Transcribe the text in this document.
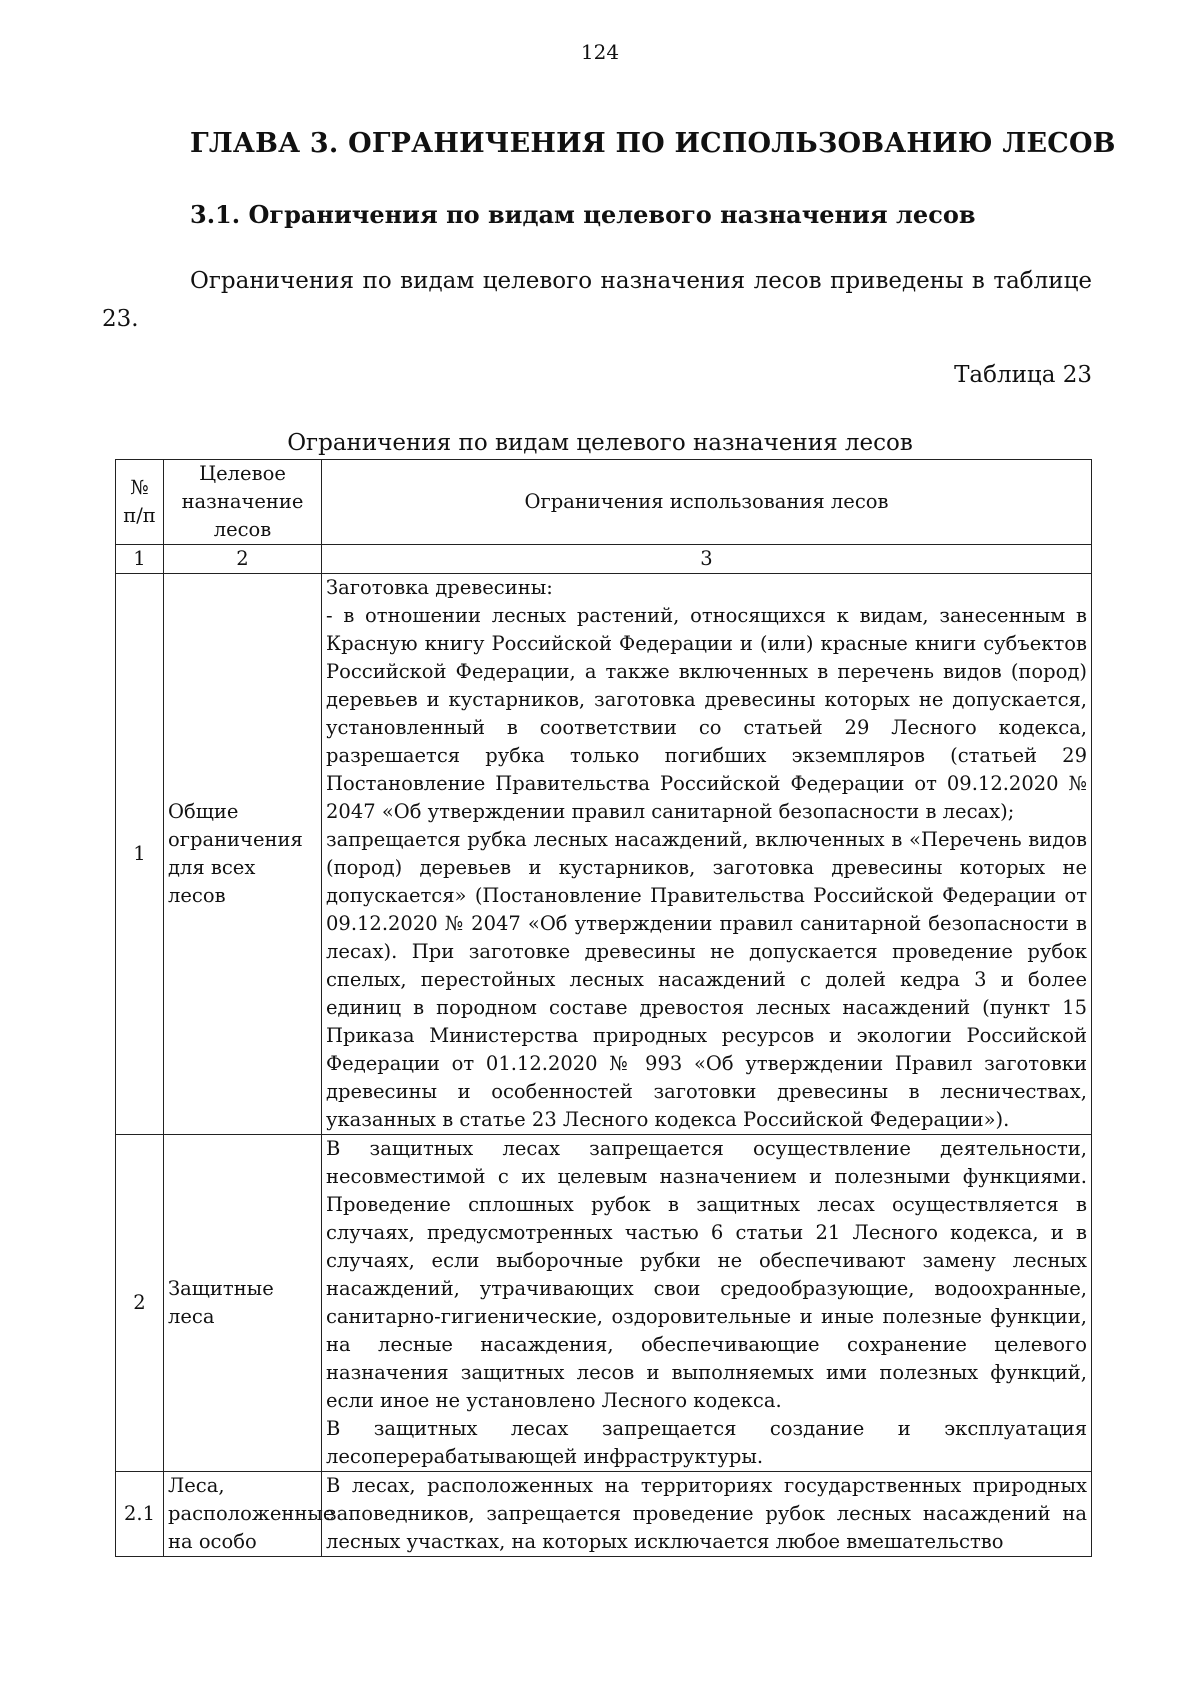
124
ГЛАВА 3. ОГРАНИЧЕНИЯ ПО ИСПОЛЬЗОВАНИЮ ЛЕСОВ
3.1. Ограничения по видам целевого назначения лесов

Ограничения по видам целевого назначения лесов приведены в таблице 23.

Таблица 23

Ограничения по видам целевого назначения лесов

№ п/п	Целевое назначение лесов	Ограничения использования лесов
1	2	3
1	Общие ограничения для всех лесов	Заготовка древесины:

- в отношении лесных растений, относящихся к видам, занесенным в Красную книгу Российской Федерации и (или) красные книги субъектов Российской Федерации, а также включенных в перечень видов (пород) деревьев и кустарников, заготовка древесины которых не допускается, установленный в соответствии со статьей 29 Лесного кодекса, разрешается рубка только погибших экземпляров (статьей 29 Постановление Правительства Российской Федерации от 09.12.2020 № 2047 «Об утверждении правил санитарной безопасности в лесах);

запрещается рубка лесных насаждений, включенных в «Перечень видов (пород) деревьев и кустарников, заготовка древесины которых не допускается» (Постановление Правительства Российской Федерации от 09.12.2020 № 2047 «Об утверждении правил санитарной безопасности в лесах). При заготовке древесины не допускается проведение рубок спелых, перестойных лесных насаждений с долей кедра 3 и более единиц в породном составе древостоя лесных насаждений (пункт 15 Приказа Министерства природных ресурсов и экологии Российской Федерации от 01.12.2020 № 993 «Об утверждении Правил заготовки древесины и особенностей заготовки древесины в лесничествах, указанных в статье 23 Лесного кодекса Российской Федерации»).

2	Защитные леса	В защитных лесах запрещается осуществление деятельности, несовместимой с их целевым назначением и полезными функциями. Проведение сплошных рубок в защитных лесах осуществляется в случаях, предусмотренных частью 6 статьи 21 Лесного кодекса, и в случаях, если выборочные рубки не обеспечивают замену лесных насаждений, утрачивающих свои средообразующие, водоохранные, санитарно-гигиенические, оздоровительные и иные полезные функции, на лесные насаждения, обеспечивающие сохранение целевого назначения защитных лесов и выполняемых ими полезных функций, если иное не установлено Лесного кодекса.

В защитных лесах запрещается создание и эксплуатация лесоперерабатывающей инфраструктуры.

2.1	Леса, расположенные на особо	В лесах, расположенных на территориях государственных природных заповедников, запрещается проведение рубок лесных насаждений на лесных участках, на которых исключается любое вмешательство
